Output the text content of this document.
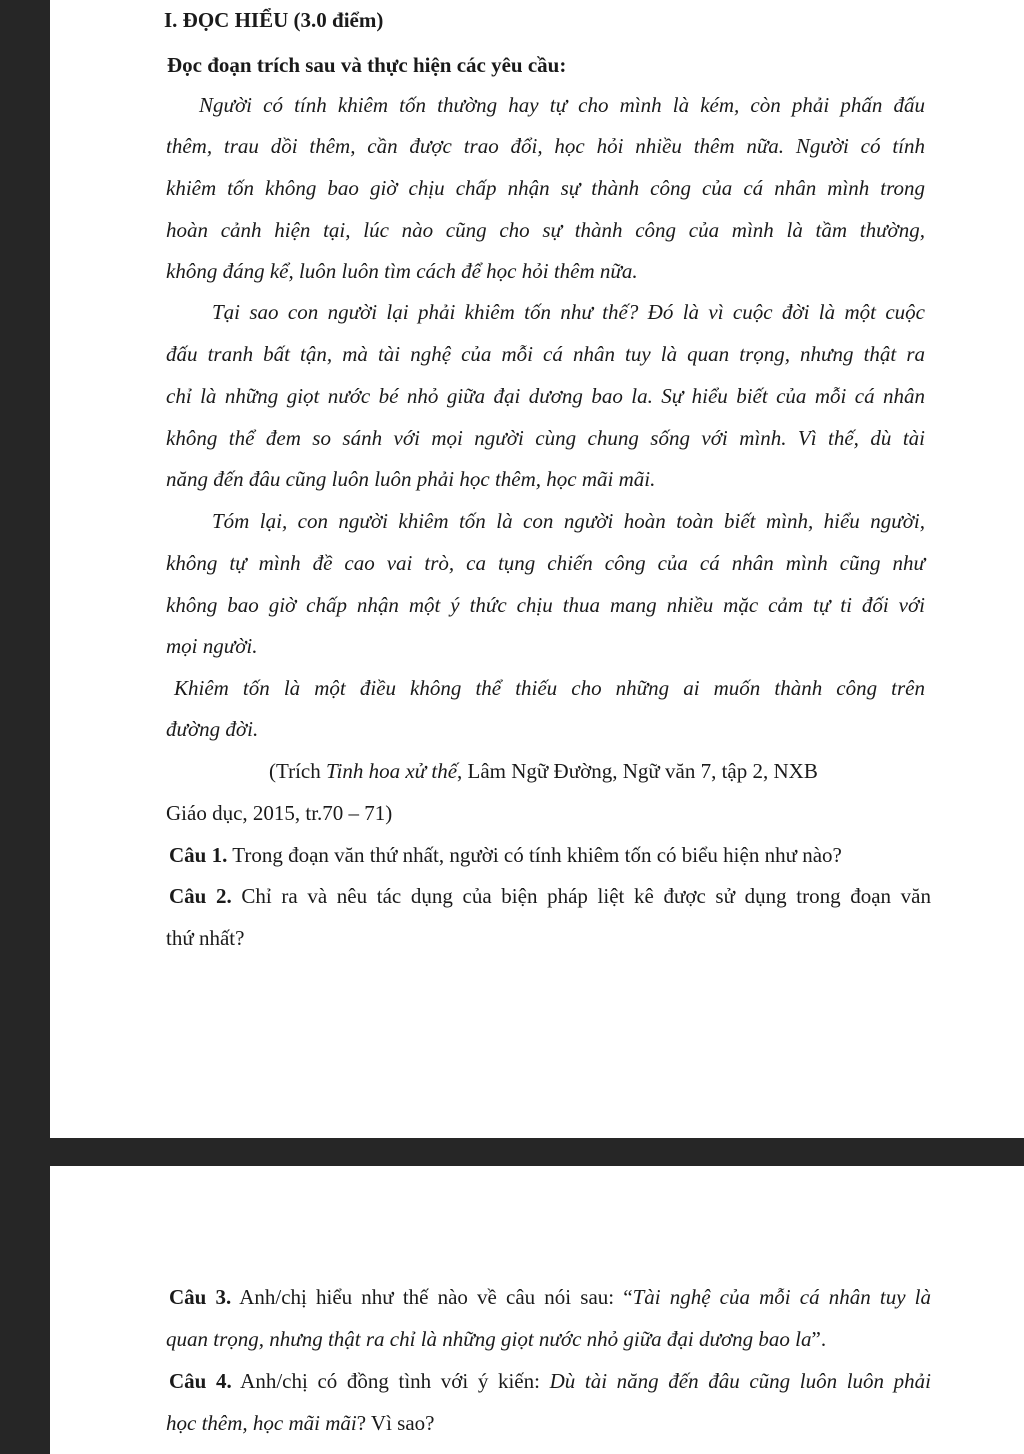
I. ĐỌC HIỂU (3.0 điểm)

Đọc đoạn trích sau và thực hiện các yêu cầu:

Người có tính khiêm tốn thường hay tự cho mình là kém, còn phải phấn đấu

thêm, trau dồi thêm, cần được trao đổi, học hỏi nhiều thêm nữa. Người có tính

khiêm tốn không bao giờ chịu chấp nhận sự thành công của cá nhân mình trong

hoàn cảnh hiện tại, lúc nào cũng cho sự thành công của mình là tầm thường,

không đáng kể, luôn luôn tìm cách để học hỏi thêm nữa.

Tại sao con người lại phải khiêm tốn như thế? Đó là vì cuộc đời là một cuộc

đấu tranh bất tận, mà tài nghệ của mỗi cá nhân tuy là quan trọng, nhưng thật ra

chỉ là những giọt nước bé nhỏ giữa đại dương bao la. Sự hiểu biết của mỗi cá nhân

không thể đem so sánh với mọi người cùng chung sống với mình. Vì thế, dù tài

năng đến đâu cũng luôn luôn phải học thêm, học mãi mãi.

Tóm lại, con người khiêm tốn là con người hoàn toàn biết mình, hiểu người,

không tự mình đề cao vai trò, ca tụng chiến công của cá nhân mình cũng như

không bao giờ chấp nhận một ý thức chịu thua mang nhiều mặc cảm tự ti đối với

mọi người.

Khiêm tốn là một điều không thể thiếu cho những ai muốn thành công trên

đường đời.

(Trích Tinh hoa xử thế, Lâm Ngữ Đường, Ngữ văn 7, tập 2, NXB

Giáo dục, 2015, tr.70 – 71)

Câu 1. Trong đoạn văn thứ nhất, người có tính khiêm tốn có biểu hiện như nào?

Câu 2. Chỉ ra và nêu tác dụng của biện pháp liệt kê được sử dụng trong đoạn văn

thứ nhất?

Câu 3. Anh/chị hiểu như thế nào về câu nói sau: “Tài nghệ của mỗi cá nhân tuy là

quan trọng, nhưng thật ra chỉ là những giọt nước nhỏ giữa đại dương bao la”.

Câu 4. Anh/chị có đồng tình với ý kiến: Dù tài năng đến đâu cũng luôn luôn phải

học thêm, học mãi mãi? Vì sao?
